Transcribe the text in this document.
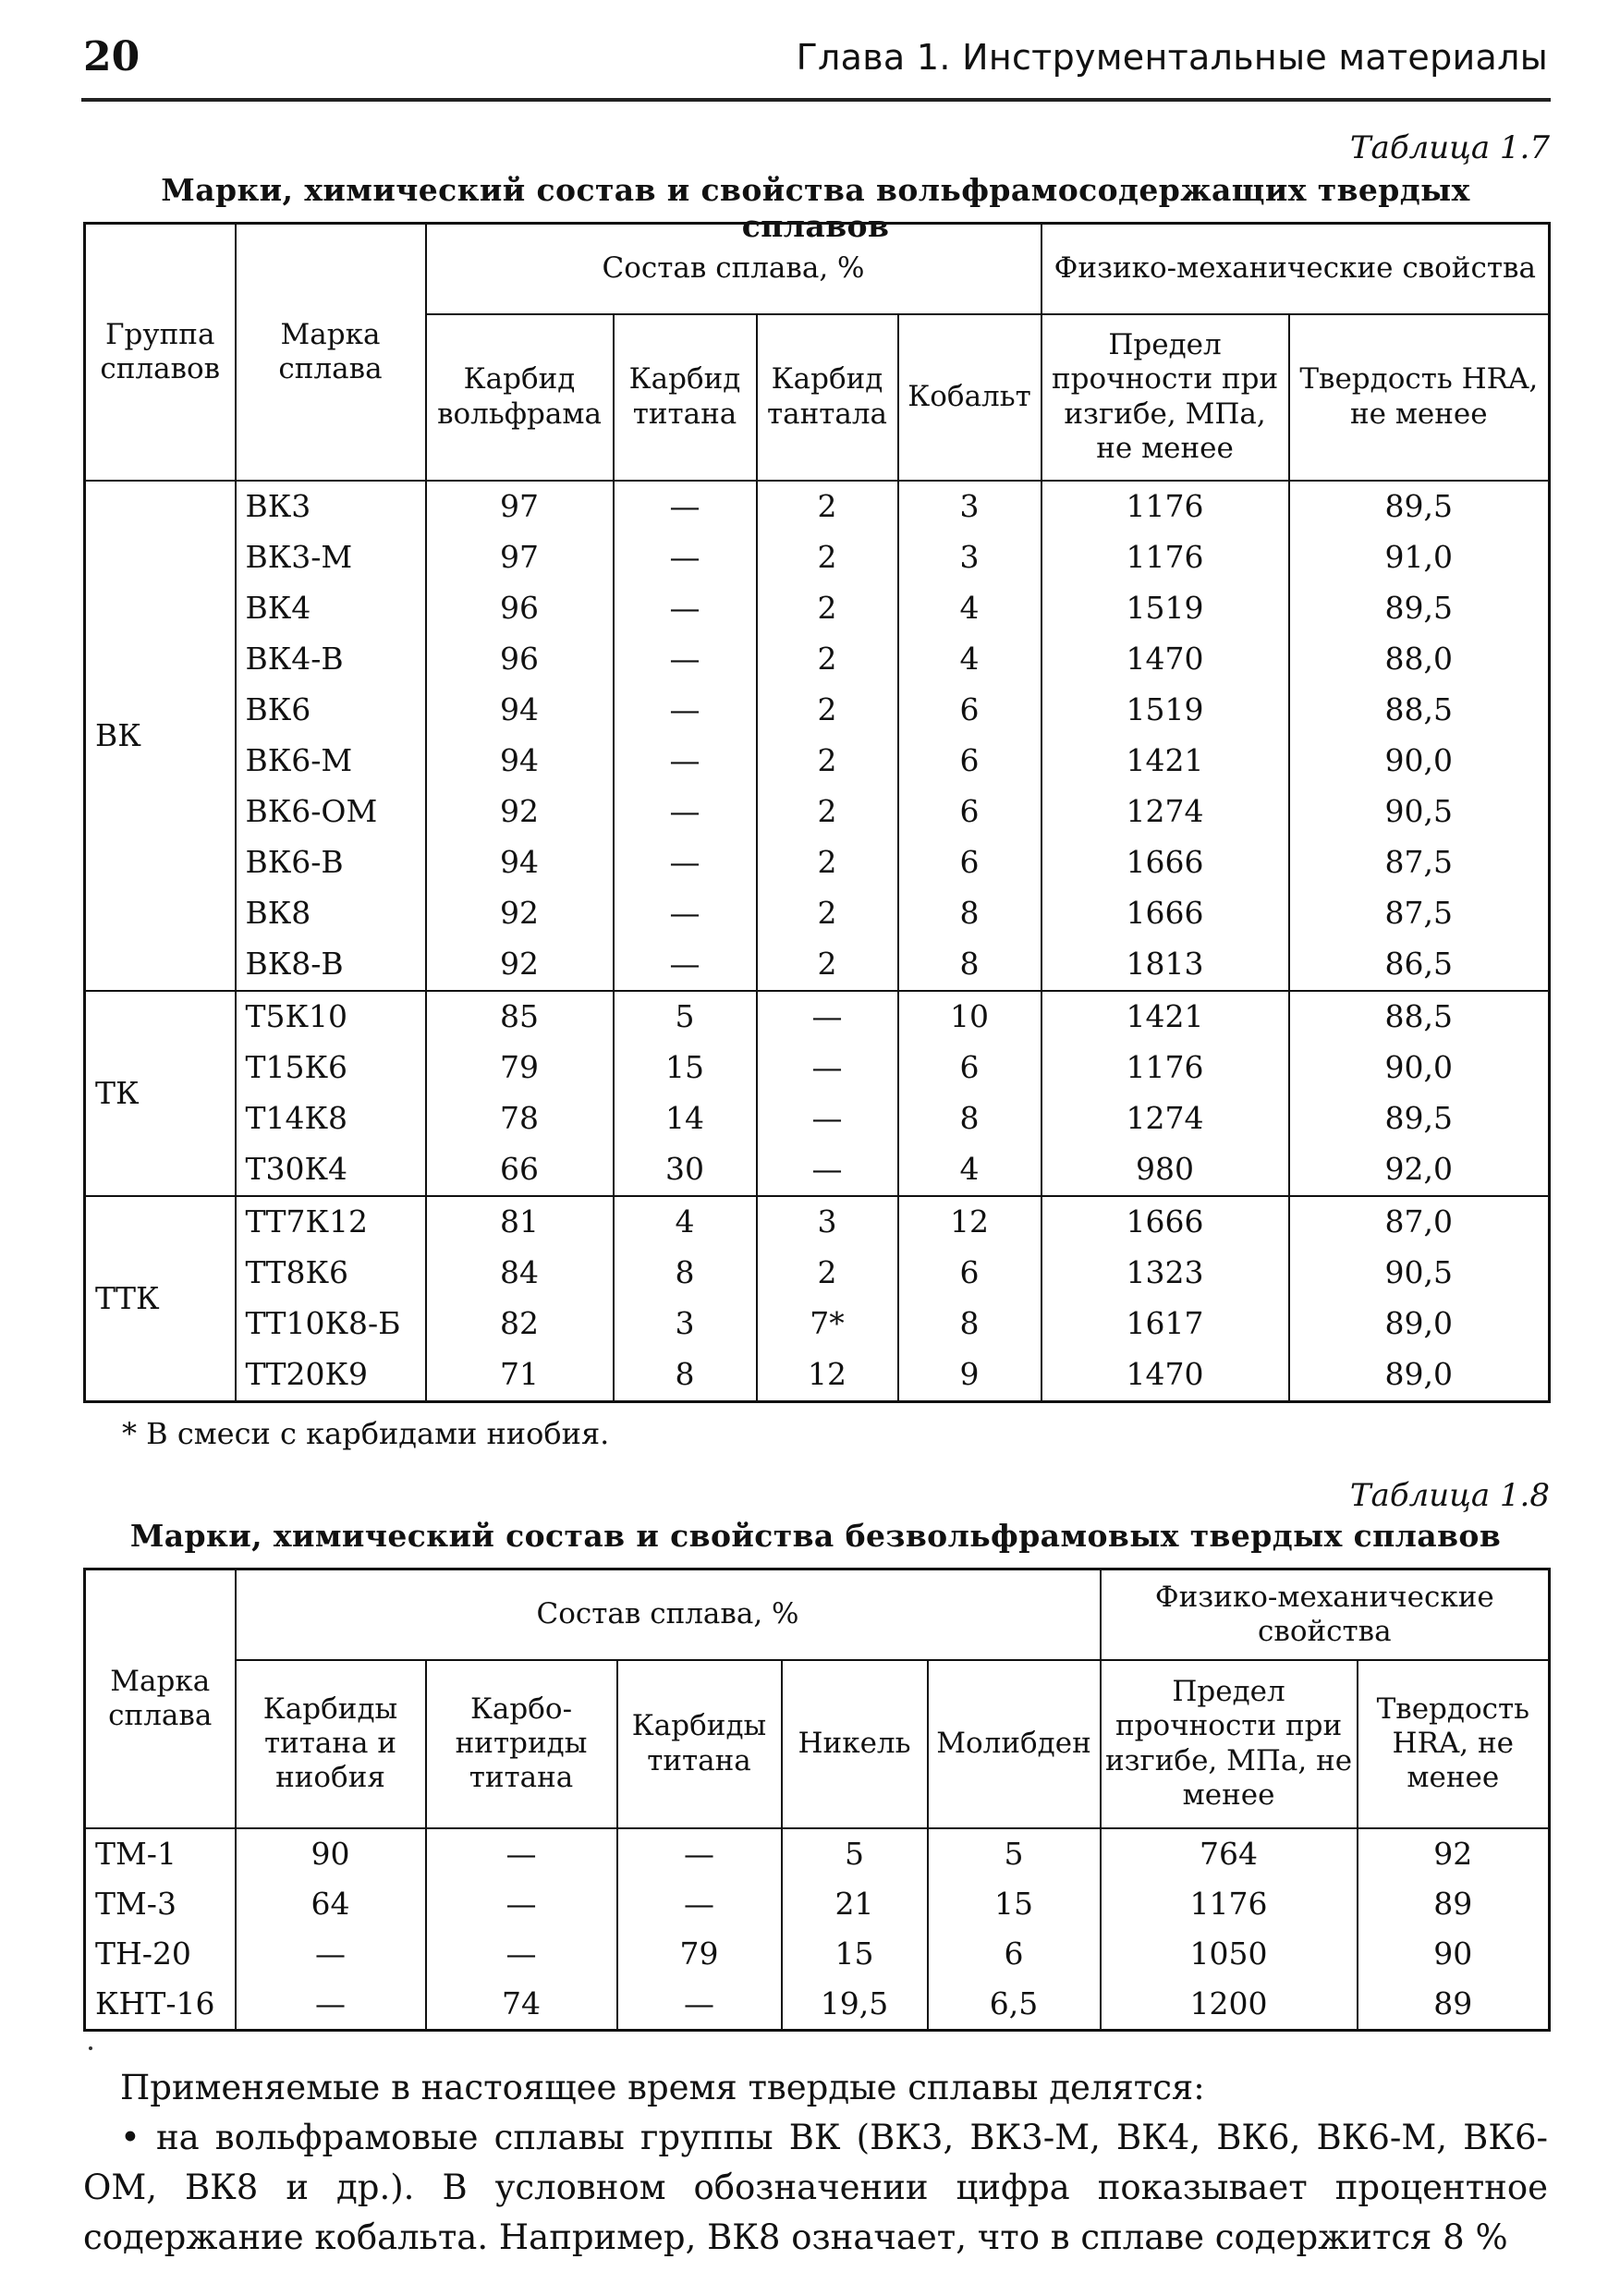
20	Глава 1. Инструментальные материалы
Таблица 1.7
Марки, химический состав и свойства вольфрамосодержащих твердых сплавов
Группа сплавов	Марка сплава	Состав сплава, %				Физико-механические свойства	
		Карбид вольфрама	Карбид титана	Карбид тантала	Кобальт	Предел прочности при изгибе, МПа, не менее	Твердость HRA, не менее
ВК	ВК3	97	—	2	3	1176	89,5
	ВК3-М	97	—	2	3	1176	91,0
	ВК4	96	—	2	4	1519	89,5
	ВК4-В	96	—	2	4	1470	88,0
	ВК6	94	—	2	6	1519	88,5
	ВК6-М	94	—	2	6	1421	90,0
	ВК6-ОМ	92	—	2	6	1274	90,5
	ВК6-В	94	—	2	6	1666	87,5
	ВК8	92	—	2	8	1666	87,5
	ВК8-В	92	—	2	8	1813	86,5
ТК	Т5К10	85	5	—	10	1421	88,5
	Т15К6	79	15	—	6	1176	90,0
	Т14К8	78	14	—	8	1274	89,5
	Т30К4	66	30	—	4	980	92,0
ТТК	ТТ7К12	81	4	3	12	1666	87,0
	ТТ8К6	84	8	2	6	1323	90,5
	ТТ10К8-Б	82	3	7*	8	1617	89,0
	ТТ20К9	71	8	12	9	1470	89,0
* В смеси с карбидами ниобия.
Таблица 1.8
Марки, химический состав и свойства безвольфрамовых твердых сплавов
Марка сплава	Состав сплава, %					Физико-механические свойства	
	Карбиды титана и ниобия	Карбо-нитриды титана	Карбиды титана	Никель	Молибден	Предел прочности при изгибе, МПа, не менее	Твердость HRA, не менее
ТМ-1	90	—	—	5	5	764	92
ТМ-3	64	—	—	21	15	1176	89
ТН-20	—	—	79	15	6	1050	90
КНТ-16	—	74	—	19,5	6,5	1200	89

Применяемые в настоящее время твердые сплавы делятся:

• на вольфрамовые сплавы группы ВК (ВК3, ВК3-М, ВК4, ВК6, ВК6-М, ВК6-ОМ, ВК8 и др.). В условном обозначении цифра показывает процентное содержание кобальта. Например, ВК8 означает, что в сплаве содержится 8 %
